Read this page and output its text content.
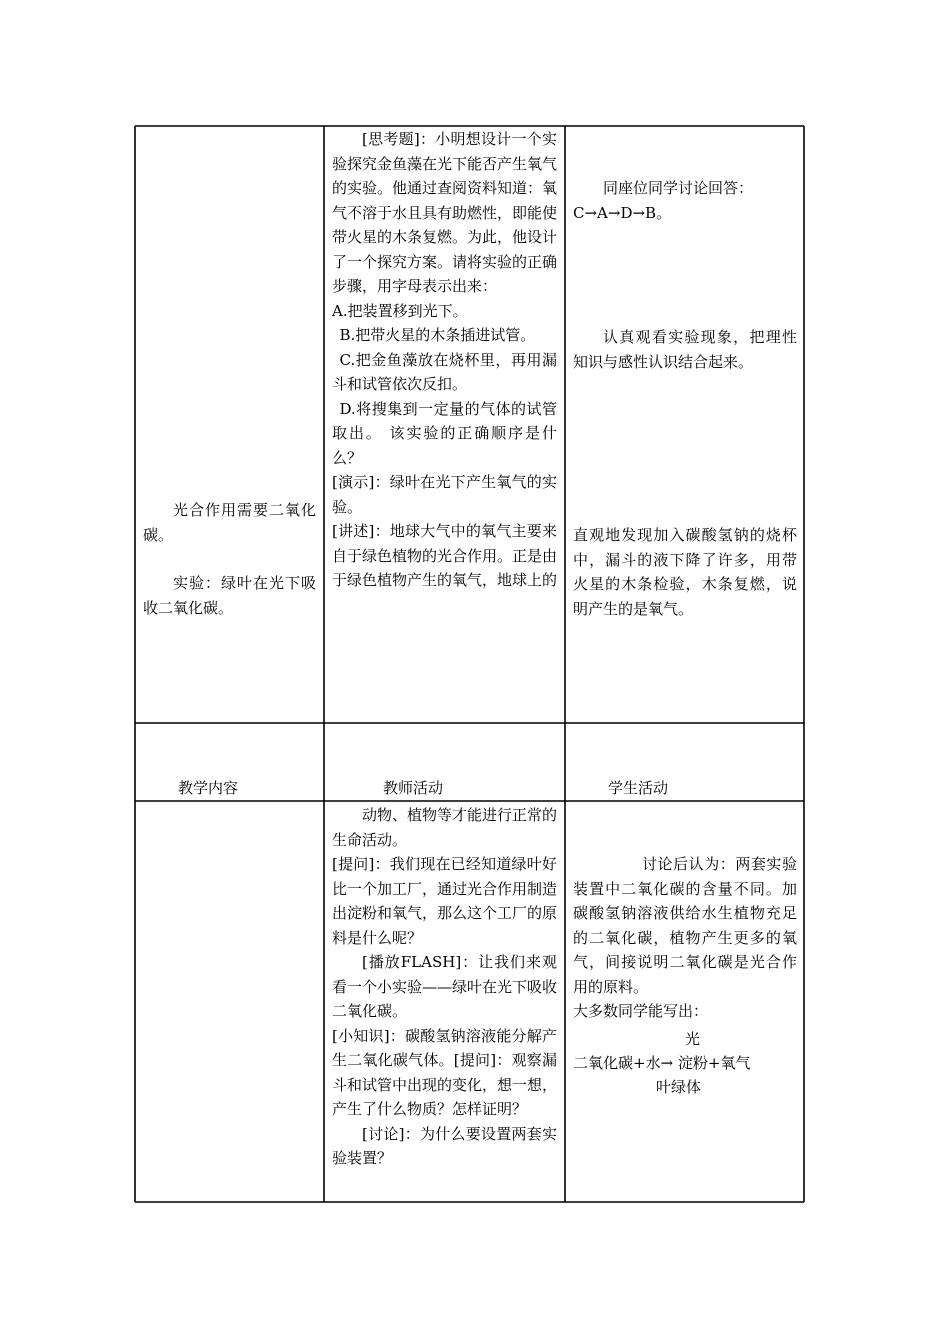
光合作用需要二氧化碳。

实验：绿叶在光下吸收二氧化碳。

[思考题]：小明想设计一个实验探究金鱼藻在光下能否产生氧气的实验。他通过查阅资料知道：氧气不溶于水且具有助燃性，即能使带火星的木条复燃。为此，他设计了一个探究方案。请将实验的正确步骤，用字母表示出来：

A.把装置移到光下。

B.把带火星的木条插进试管。

C.把金鱼藻放在烧杯里，再用漏斗和试管依次反扣。

D.将搜集到一定量的气体的试管取出。 该实验的正确顺序是什么？

[演示]：绿叶在光下产生氧气的实验。

[讲述]：地球大气中的氧气主要来自于绿色植物的光合作用。正是由于绿色植物产生的氧气，地球上的

同座位同学讨论回答：

C→A→D→B。

认真观看实验现象，把理性知识与感性认识结合起来。

直观地发现加入碳酸氢钠的烧杯中，漏斗的液下降了许多，用带火星的木条检验，木条复燃，说明产生的是氧气。

教学内容	教师活动	学生活动

动物、植物等才能进行正常的生命活动。

[提问]：我们现在已经知道绿叶好比一个加工厂，通过光合作用制造出淀粉和氧气，那么这个工厂的原料是什么呢？

[播放FLASH]：让我们来观看一个小实验——绿叶在光下吸收二氧化碳。

[小知识]：碳酸氢钠溶液能分解产生二氧化碳气体。[提问]：观察漏斗和试管中出现的变化，想一想，产生了什么物质？怎样证明？

[讨论]：为什么要设置两套实验装置？

讨论后认为：两套实验装置中二氧化碳的含量不同。加碳酸氢钠溶液供给水生植物充足的二氧化碳，植物产生更多的氧气，间接说明二氧化碳是光合作用的原料。

大多数同学能写出：

光
二氧化碳+水→ 淀粉+氧气
叶绿体
